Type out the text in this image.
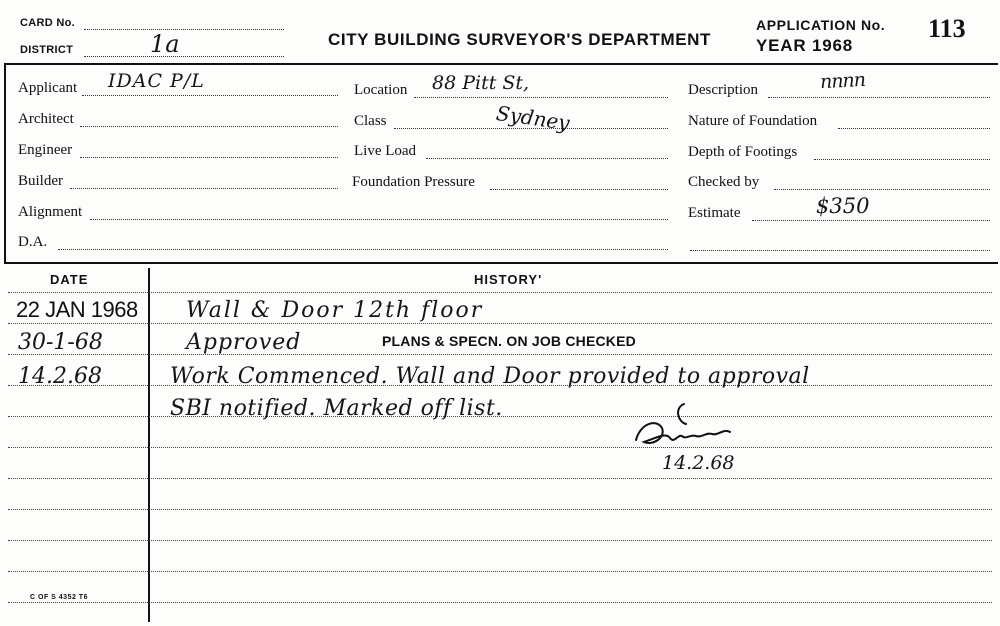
CARD No.
DISTRICT	1a	CITY BUILDING SURVEYOR'S DEPARTMENT
APPLICATION No.
YEAR 1968
113
Applicant IDAC P/L
Architect
Engineer
Builder
Alignment
D.A.
Location 88 Pitt St,
Class	Sydney
Live Load
Foundation Pressure
Description	nnnn
Nature of Foundation
Depth of Footings
Checked by
Estimate	$350
DATE	HISTORY'
22 JAN 1968 Wall & Door 12th floor
30-1-68	Approved	PLANS & SPECN. ON JOB CHECKED
14.2.68	Work Commenced. Wall and Door provided to approval
SBI notified. Marked off list.
14.2.68
C OF S 4352 T6
